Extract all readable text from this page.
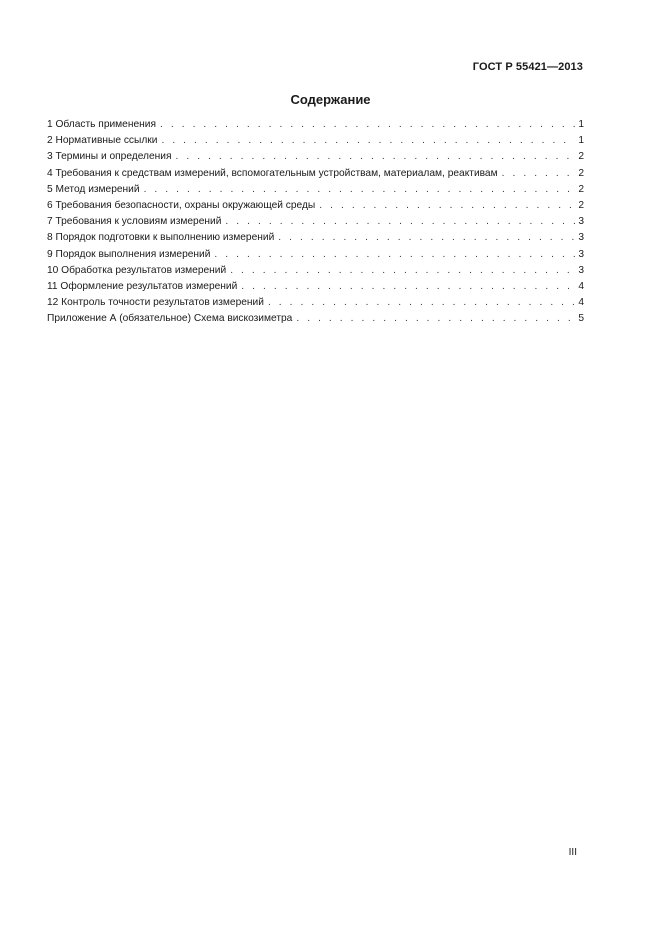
ГОСТ Р 55421—2013
Содержание
1 Область применения . . .	1
2 Нормативные ссылки . . .	1
3 Термины и определения . . .	2
4 Требования к средствам измерений, вспомогательным устройствам, материалам, реактивам . . .	2
5 Метод измерений . . .	2
6 Требования безопасности, охраны окружающей среды . . .	2
7 Требования к условиям измерений . . .	3
8 Порядок подготовки к выполнению измерений . . .	3
9 Порядок выполнения измерений . . .	3
10 Обработка результатов измерений . . .	3
11 Оформление результатов измерений . . .	4
12 Контроль точности результатов измерений . . .	4
Приложение А (обязательное) Схема вискозиметра . . .	5
III
